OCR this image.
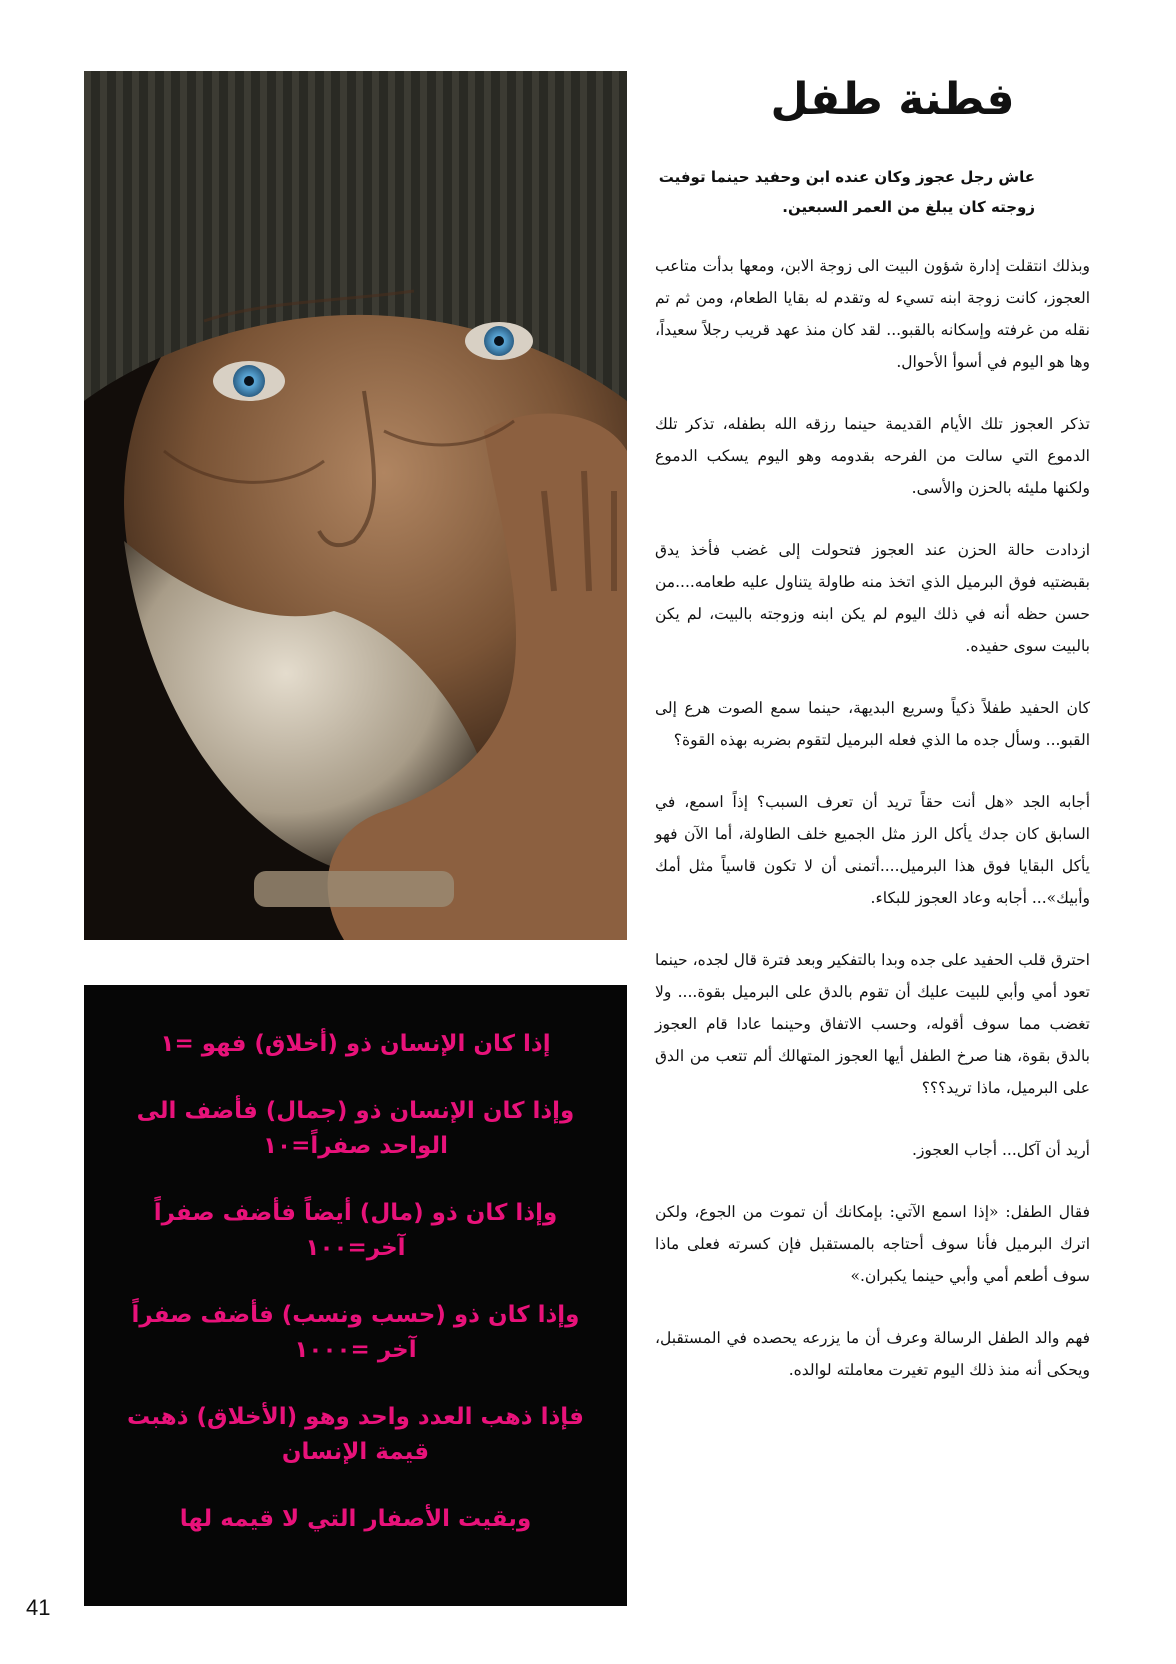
إذا كان الإنسان ذو (أخلاق) فهو =١

وإذا كان الإنسان ذو (جمال) فأضف الى الواحد صفراً=١٠

وإذا كان ذو (مال) أيضاً فأضف صفراً آخر=١٠٠

وإذا كان ذو (حسب ونسب) فأضف صفراً آخر =١٠٠٠

فإذا ذهب العدد واحد وهو (الأخلاق) ذهبت قيمة الإنسان

وبقيت الأصفار التي لا قيمه لها

فطنة طفل

عاش رجل عجوز وكان عنده ابن وحفيد حينما توفيت زوجته كان يبلغ من العمر السبعين.

وبذلك انتقلت إدارة شؤون البيت الى زوجة الابن، ومعها بدأت متاعب العجوز، كانت زوجة ابنه تسيء له وتقدم له بقايا الطعام، ومن ثم تم نقله من غرفته وإسكانه بالقبو... لقد كان منذ عهد قريب رجلاً سعيداً، وها هو اليوم في أسوأ الأحوال.

تذكر العجوز تلك الأيام القديمة حينما رزقه الله بطفله، تذكر تلك الدموع التي سالت من الفرحه بقدومه وهو اليوم يسكب الدموع ولكنها مليئه بالحزن والأسى.

ازدادت حالة الحزن عند العجوز فتحولت إلى غضب فأخذ يدق بقبضتيه فوق البرميل الذي اتخذ منه طاولة يتناول عليه طعامه....من حسن حظه أنه في ذلك اليوم لم يكن ابنه وزوجته بالبيت، لم يكن بالبيت سوى حفيده.

كان الحفيد طفلاً ذكياً وسريع البديهة، حينما سمع الصوت هرع إلى القبو... وسأل جده ما الذي فعله البرميل لتقوم بضربه بهذه القوة؟

أجابه الجد «هل أنت حقاً تريد أن تعرف السبب؟ إذاً اسمع، في السابق كان جدك يأكل الرز مثل الجميع خلف الطاولة، أما الآن فهو يأكل البقايا فوق هذا البرميل....أتمنى أن لا تكون قاسياً مثل أمك وأبيك»... أجابه وعاد العجوز للبكاء.

احترق قلب الحفيد على جده وبدا بالتفكير وبعد فترة قال لجده، حينما تعود أمي وأبي للبيت عليك أن تقوم بالدق على البرميل بقوة.... ولا تغضب مما سوف أقوله، وحسب الاتفاق وحينما عادا قام العجوز بالدق بقوة، هنا صرخ الطفل أيها العجوز المتهالك ألم تتعب من الدق على البرميل، ماذا تريد؟؟؟

أريد أن آكل... أجاب العجوز.

فقال الطفل: «إذا اسمع الآتي: بإمكانك أن تموت من الجوع، ولكن اترك البرميل فأنا سوف أحتاجه بالمستقبل فإن كسرته فعلى ماذا سوف أطعم أمي وأبي حينما يكبران.»

فهم والد الطفل الرسالة وعرف أن ما يزرعه يحصده في المستقبل، ويحكى أنه منذ ذلك اليوم تغيرت معاملته لوالده.

41
